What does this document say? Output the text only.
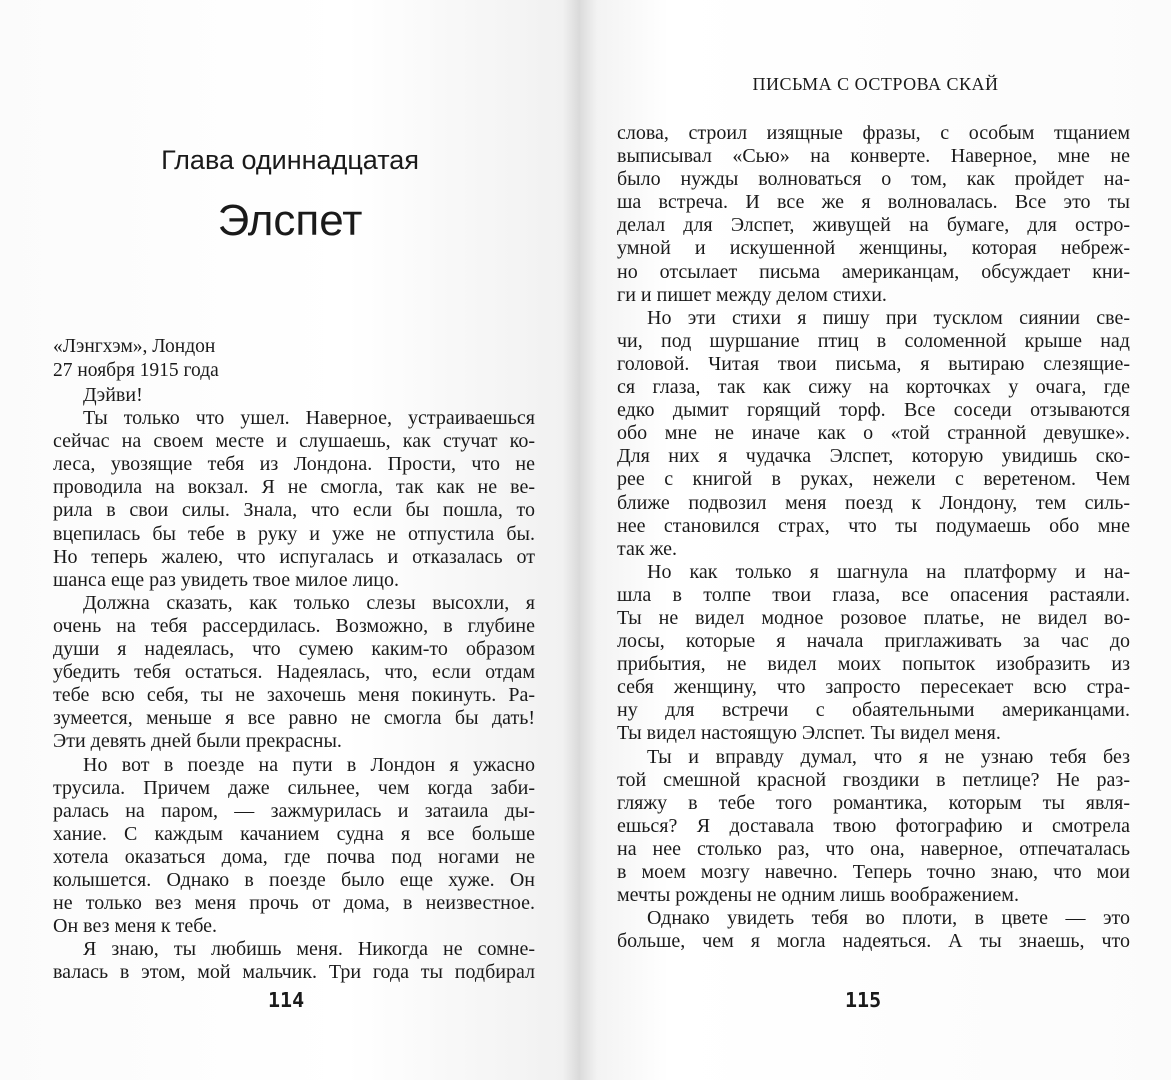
Глава одиннадцатая
Элспет
«Лэнгхэм», Лондон
27 ноября 1915 года
Дэйви!
Ты только что ушел. Наверное, устраиваешься
сейчас на своем месте и слушаешь, как стучат ко-
леса, увозящие тебя из Лондона. Прости, что не
проводила на вокзал. Я не смогла, так как не ве-
рила в свои силы. Знала, что если бы пошла, то
вцепилась бы тебе в руку и уже не отпустила бы.
Но теперь жалею, что испугалась и отказалась от
шанса еще раз увидеть твое милое лицо.
Должна сказать, как только слезы высохли, я
очень на тебя рассердилась. Возможно, в глубине
души я надеялась, что сумею каким-то образом
убедить тебя остаться. Надеялась, что, если отдам
тебе всю себя, ты не захочешь меня покинуть. Ра-
зумеется, меньше я все равно не смогла бы дать!
Эти девять дней были прекрасны.
Но вот в поезде на пути в Лондон я ужасно
трусила. Причем даже сильнее, чем когда заби-
ралась на паром, — зажмурилась и затаила ды-
хание. С каждым качанием судна я все больше
хотела оказаться дома, где почва под ногами не
колышется. Однако в поезде было еще хуже. Он
не только вез меня прочь от дома, в неизвестное.
Он вез меня к тебе.
Я знаю, ты любишь меня. Никогда не сомне-
валась в этом, мой мальчик. Три года ты подбирал
114
ПИСЬМА С ОСТРОВА СКАЙ
слова, строил изящные фразы, с особым тщанием
выписывал «Сью» на конверте. Наверное, мне не
было нужды волноваться о том, как пройдет на-
ша встреча. И все же я волновалась. Все это ты
делал для Элспет, живущей на бумаге, для остро-
умной и искушенной женщины, которая небреж-
но отсылает письма американцам, обсуждает кни-
ги и пишет между делом стихи.
Но эти стихи я пишу при тусклом сиянии све-
чи, под шуршание птиц в соломенной крыше над
головой. Читая твои письма, я вытираю слезящие-
ся глаза, так как сижу на корточках у очага, где
едко дымит горящий торф. Все соседи отзываются
обо мне не иначе как о «той странной девушке».
Для них я чудачка Элспет, которую увидишь ско-
рее с книгой в руках, нежели с веретеном. Чем
ближе подвозил меня поезд к Лондону, тем силь-
нее становился страх, что ты подумаешь обо мне
так же.
Но как только я шагнула на платформу и на-
шла в толпе твои глаза, все опасения растаяли.
Ты не видел модное розовое платье, не видел во-
лосы, которые я начала приглаживать за час до
прибытия, не видел моих попыток изобразить из
себя женщину, что запросто пересекает всю стра-
ну для встречи с обаятельными американцами.
Ты видел настоящую Элспет. Ты видел меня.
Ты и вправду думал, что я не узнаю тебя без
той смешной красной гвоздики в петлице? Не раз-
гляжу в тебе того романтика, которым ты явля-
ешься? Я доставала твою фотографию и смотрела
на нее столько раз, что она, наверное, отпечаталась
в моем мозгу навечно. Теперь точно знаю, что мои
мечты рождены не одним лишь воображением.
Однако увидеть тебя во плоти, в цвете — это
больше, чем я могла надеяться. А ты знаешь, что
115
